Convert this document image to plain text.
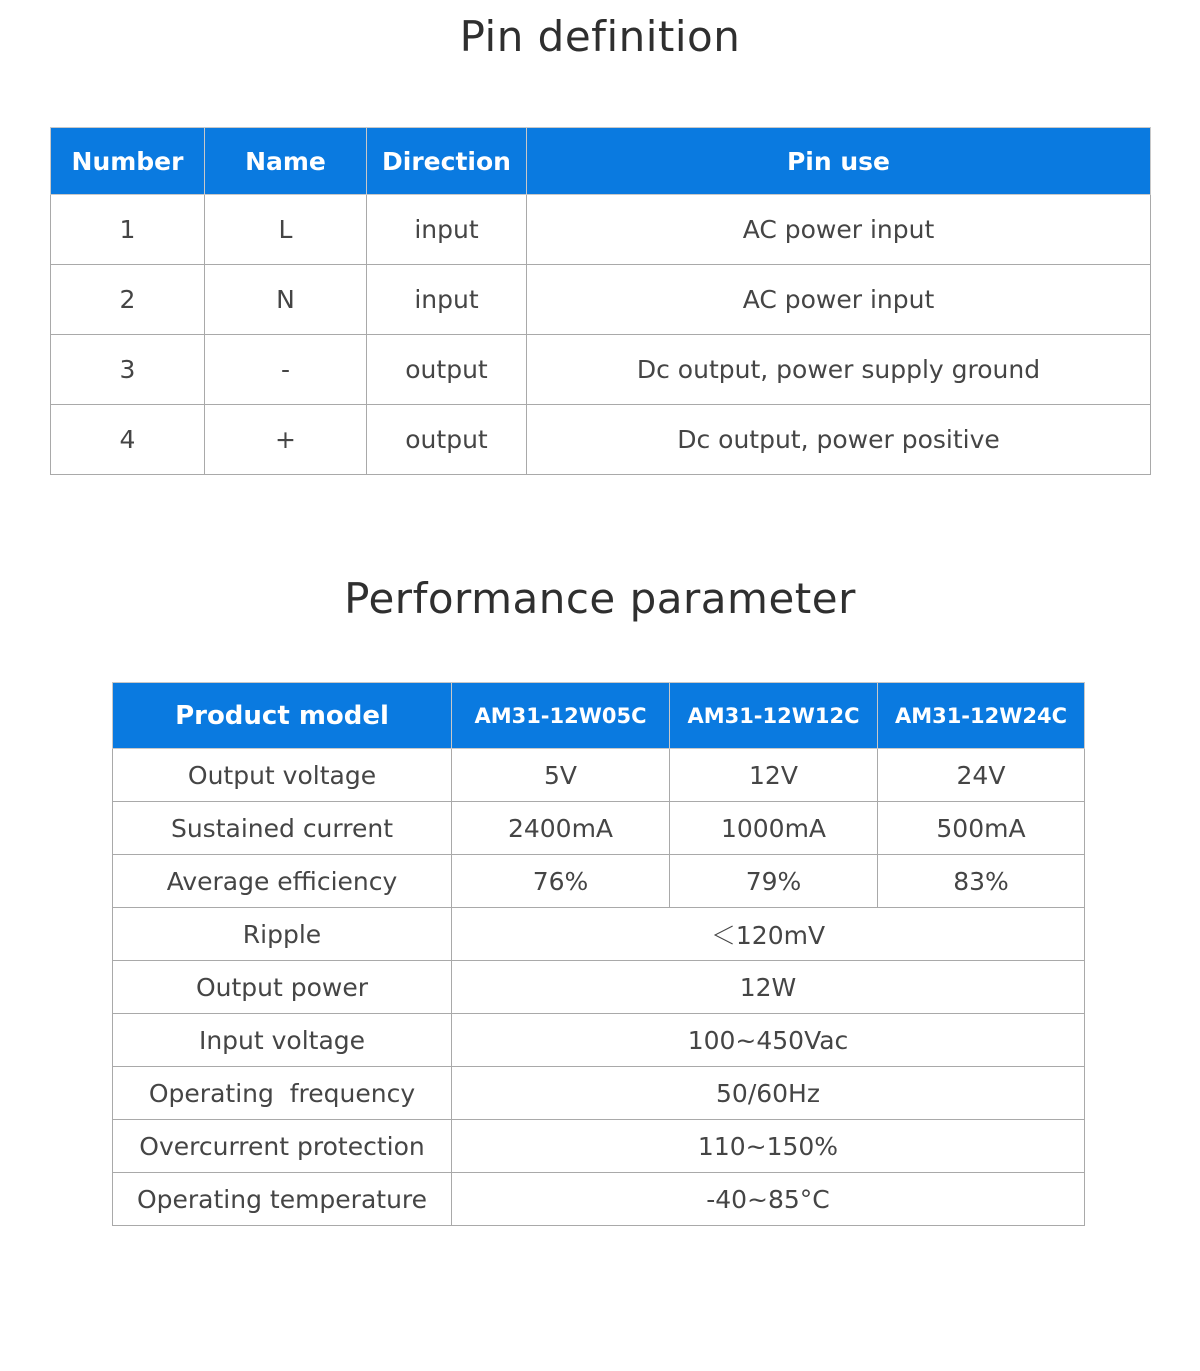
Pin definition
Number	Name	Direction	Pin use
1	L	input	AC power input
2	N	input	AC power input
3	-	output	Dc output, power supply ground
4	+	output	Dc output, power positive
Performance parameter
Product model	AM31-12W05C	AM31-12W12C	AM31-12W24C
Output voltage	5V	12V	24V
Sustained current	2400mA	1000mA	500mA
Average efficiency	76%	79%	83%
Ripple	＜120mV		
Output power	12W		
Input voltage	100~450Vac		
Operating  frequency	50/60Hz		
Overcurrent protection	110~150%		
Operating temperature	-40~85°C		
